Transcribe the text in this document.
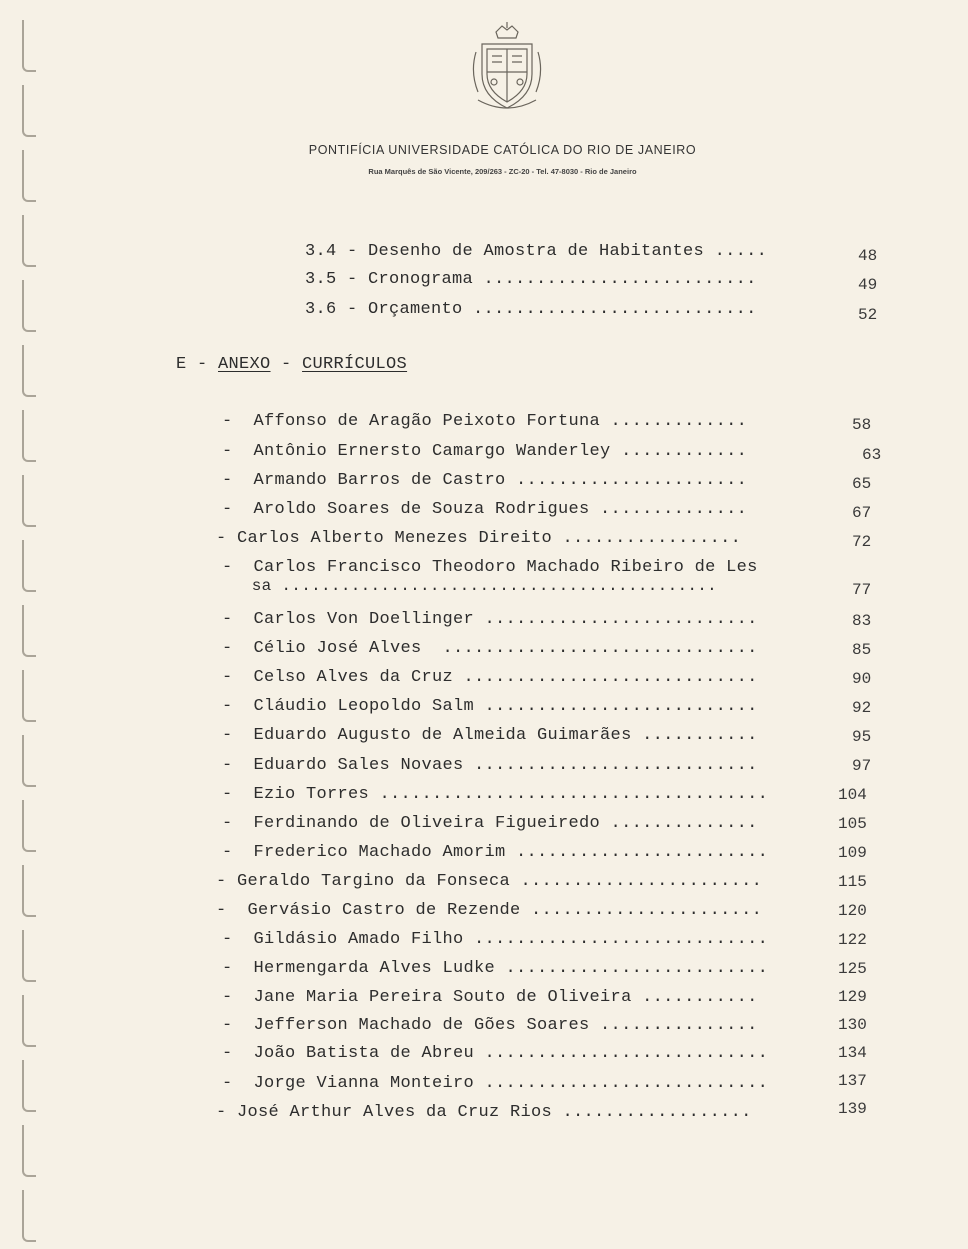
PONTIFÍCIA UNIVERSIDADE CATÓLICA DO RIO DE JANEIRO
Rua Marquês de São Vicente, 209/263 - ZC-20 - Tel. 47-8030 - Rio de Janeiro
3.4 - Desenho de Amostra de Habitantes .....	48
3.5 - Cronograma ..........................	49
3.6 - Orçamento ...........................	52
E - ANEXO - CURRÍCULOS
-  Affonso de Aragão Peixoto Fortuna .............	58
-  Antônio Ernersto Camargo Wanderley ............	63
-  Armando Barros de Castro ......................	65
-  Aroldo Soares de Souza Rodrigues ..............	67
- Carlos Alberto Menezes Direito .................	72
-  Carlos Francisco Theodoro Machado Ribeiro de Les
sa ............................................	77
-  Carlos Von Doellinger ..........................	83
-  Célio José Alves  ..............................	85
-  Celso Alves da Cruz ............................	90
-  Cláudio Leopoldo Salm ..........................	92
-  Eduardo Augusto de Almeida Guimarães ...........	95
-  Eduardo Sales Novaes ...........................	97
-  Ezio Torres .....................................	104
-  Ferdinando de Oliveira Figueiredo ..............	105
-  Frederico Machado Amorim ........................	109
- Geraldo Targino da Fonseca .......................	115
-  Gervásio Castro de Rezende ......................	120
-  Gildásio Amado Filho ............................	122
-  Hermengarda Alves Ludke .........................	125
-  Jane Maria Pereira Souto de Oliveira ...........	129
-  Jefferson Machado de Gões Soares ...............	130
-  João Batista de Abreu ...........................	134
-  Jorge Vianna Monteiro ...........................	137
- José Arthur Alves da Cruz Rios ..................	139
